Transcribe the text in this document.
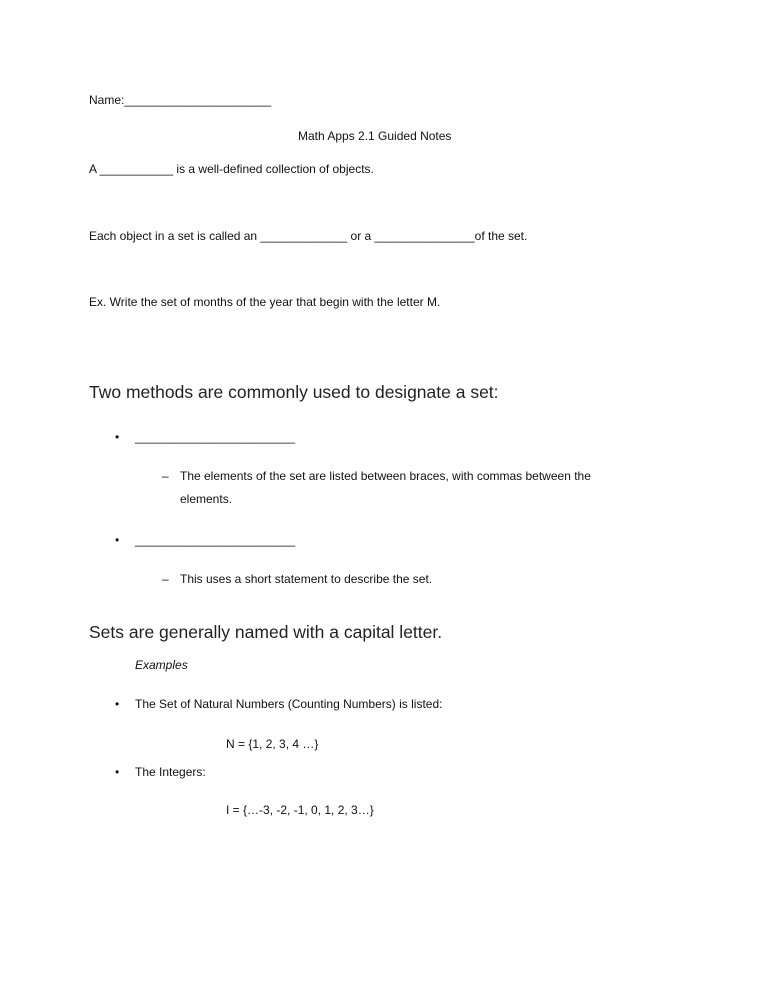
Name:______________________
Math Apps 2.1 Guided Notes
A ___________ is a well-defined collection of objects.
Each object in a set is called an _____________ or a _______________of the set.
Ex. Write the set of months of the year that begin with the letter M.
Two methods are commonly used to designate a set:
• ________________________
– The elements of the set are listed between braces, with commas between the
elements.
• ________________________
– This uses a short statement to describe the set.
Sets are generally named with a capital letter.
Examples
• The Set of Natural Numbers (Counting Numbers) is listed:
N = {1, 2, 3, 4 …}
• The Integers:
I = {…-3, -2, -1, 0, 1, 2, 3…}
